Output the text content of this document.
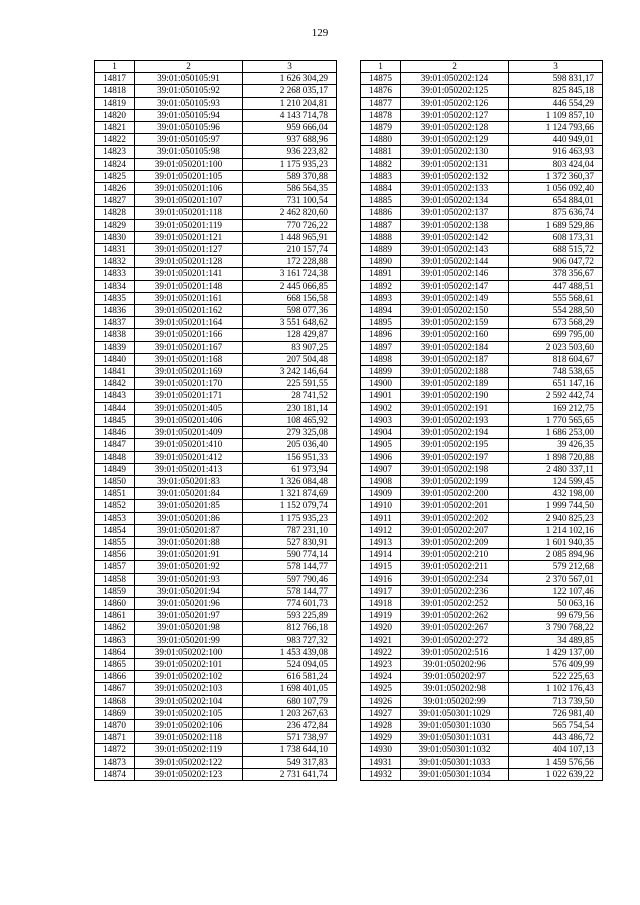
129
1	2	3
14817	39:01:050105:91	1 626 304,29
14818	39:01:050105:92	2 268 035,17
14819	39:01:050105:93	1 210 204,81
14820	39:01:050105:94	4 143 714,78
14821	39:01:050105:96	959 666,04
14822	39:01:050105:97	937 688,96
14823	39:01:050105:98	936 223,82
14824	39:01:050201:100	1 175 935,23
14825	39:01:050201:105	589 370,88
14826	39:01:050201:106	586 564,35
14827	39:01:050201:107	731 100,54
14828	39:01:050201:118	2 462 820,60
14829	39:01:050201:119	770 726,22
14830	39:01:050201:121	1 448 965,91
14831	39:01:050201:127	210 157,74
14832	39:01:050201:128	172 228,88
14833	39:01:050201:141	3 161 724,38
14834	39:01:050201:148	2 445 066,85
14835	39:01:050201:161	668 156,58
14836	39:01:050201:162	598 077,36
14837	39:01:050201:164	3 551 648,62
14838	39:01:050201:166	128 429,87
14839	39:01:050201:167	83 907,25
14840	39:01:050201:168	207 504,48
14841	39:01:050201:169	3 242 146,64
14842	39:01:050201:170	225 591,55
14843	39:01:050201:171	28 741,52
14844	39:01:050201:405	230 181,14
14845	39:01:050201:406	108 465,92
14846	39:01:050201:409	279 325,08
14847	39:01:050201:410	205 036,40
14848	39:01:050201:412	156 951,33
14849	39:01:050201:413	61 973,94
14850	39:01:050201:83	1 326 084,48
14851	39:01:050201:84	1 321 874,69
14852	39:01:050201:85	1 152 079,74
14853	39:01:050201:86	1 175 935,23
14854	39:01:050201:87	787 231,10
14855	39:01:050201:88	527 830,91
14856	39:01:050201:91	590 774,14
14857	39:01:050201:92	578 144,77
14858	39:01:050201:93	597 790,46
14859	39:01:050201:94	578 144,77
14860	39:01:050201:96	774 601,73
14861	39:01:050201:97	593 225,89
14862	39:01:050201:98	812 766,18
14863	39:01:050201:99	983 727,32
14864	39:01:050202:100	1 453 439,08
14865	39:01:050202:101	524 094,05
14866	39:01:050202:102	616 581,24
14867	39:01:050202:103	1 698 401,05
14868	39:01:050202:104	680 107,79
14869	39:01:050202:105	1 203 267,63
14870	39:01:050202:106	236 472,84
14871	39:01:050202:118	571 738,97
14872	39:01:050202:119	1 738 644,10
14873	39:01:050202:122	549 317,83
14874	39:01:050202:123	2 731 641,74
1	2	3
14875	39:01:050202:124	598 831,17
14876	39:01:050202:125	825 845,18
14877	39:01:050202:126	446 554,29
14878	39:01:050202:127	1 109 857,10
14879	39:01:050202:128	1 124 793,66
14880	39:01:050202:129	440 949,01
14881	39:01:050202:130	916 463,93
14882	39:01:050202:131	803 424,04
14883	39:01:050202:132	1 372 360,37
14884	39:01:050202:133	1 056 092,40
14885	39:01:050202:134	654 884,01
14886	39:01:050202:137	875 636,74
14887	39:01:050202:138	1 689 529,86
14888	39:01:050202:142	608 173,31
14889	39:01:050202:143	688 515,72
14890	39:01:050202:144	906 047,72
14891	39:01:050202:146	378 356,67
14892	39:01:050202:147	447 488,51
14893	39:01:050202:149	555 568,61
14894	39:01:050202:150	554 288,50
14895	39:01:050202:159	673 568,29
14896	39:01:050202:160	699 795,00
14897	39:01:050202:184	2 023 503,60
14898	39:01:050202:187	818 604,67
14899	39:01:050202:188	748 538,65
14900	39:01:050202:189	651 147,16
14901	39:01:050202:190	2 592 442,74
14902	39:01:050202:191	169 212,75
14903	39:01:050202:193	1 770 565,65
14904	39:01:050202:194	1 686 253,00
14905	39:01:050202:195	39 426,35
14906	39:01:050202:197	1 898 720,88
14907	39:01:050202:198	2 480 337,11
14908	39:01:050202:199	124 599,45
14909	39:01:050202:200	432 198,00
14910	39:01:050202:201	1 999 744,50
14911	39:01:050202:202	2 940 825,23
14912	39:01:050202:207	1 214 102,16
14913	39:01:050202:209	1 601 940,35
14914	39:01:050202:210	2 085 894,96
14915	39:01:050202:211	579 212,68
14916	39:01:050202:234	2 370 567,01
14917	39:01:050202:236	122 107,46
14918	39:01:050202:252	50 063,16
14919	39:01:050202:262	99 679,56
14920	39:01:050202:267	3 790 768,22
14921	39:01:050202:272	34 489,85
14922	39:01:050202:516	1 429 137,00
14923	39:01:050202:96	576 409,99
14924	39:01:050202:97	522 225,63
14925	39:01:050202:98	1 102 176,43
14926	39:01:050202:99	713 739,50
14927	39:01:050301:1029	726 981,40
14928	39:01:050301:1030	565 754,54
14929	39:01:050301:1031	443 486,72
14930	39:01:050301:1032	404 107,13
14931	39:01:050301:1033	1 459 576,56
14932	39:01:050301:1034	1 022 639,22
